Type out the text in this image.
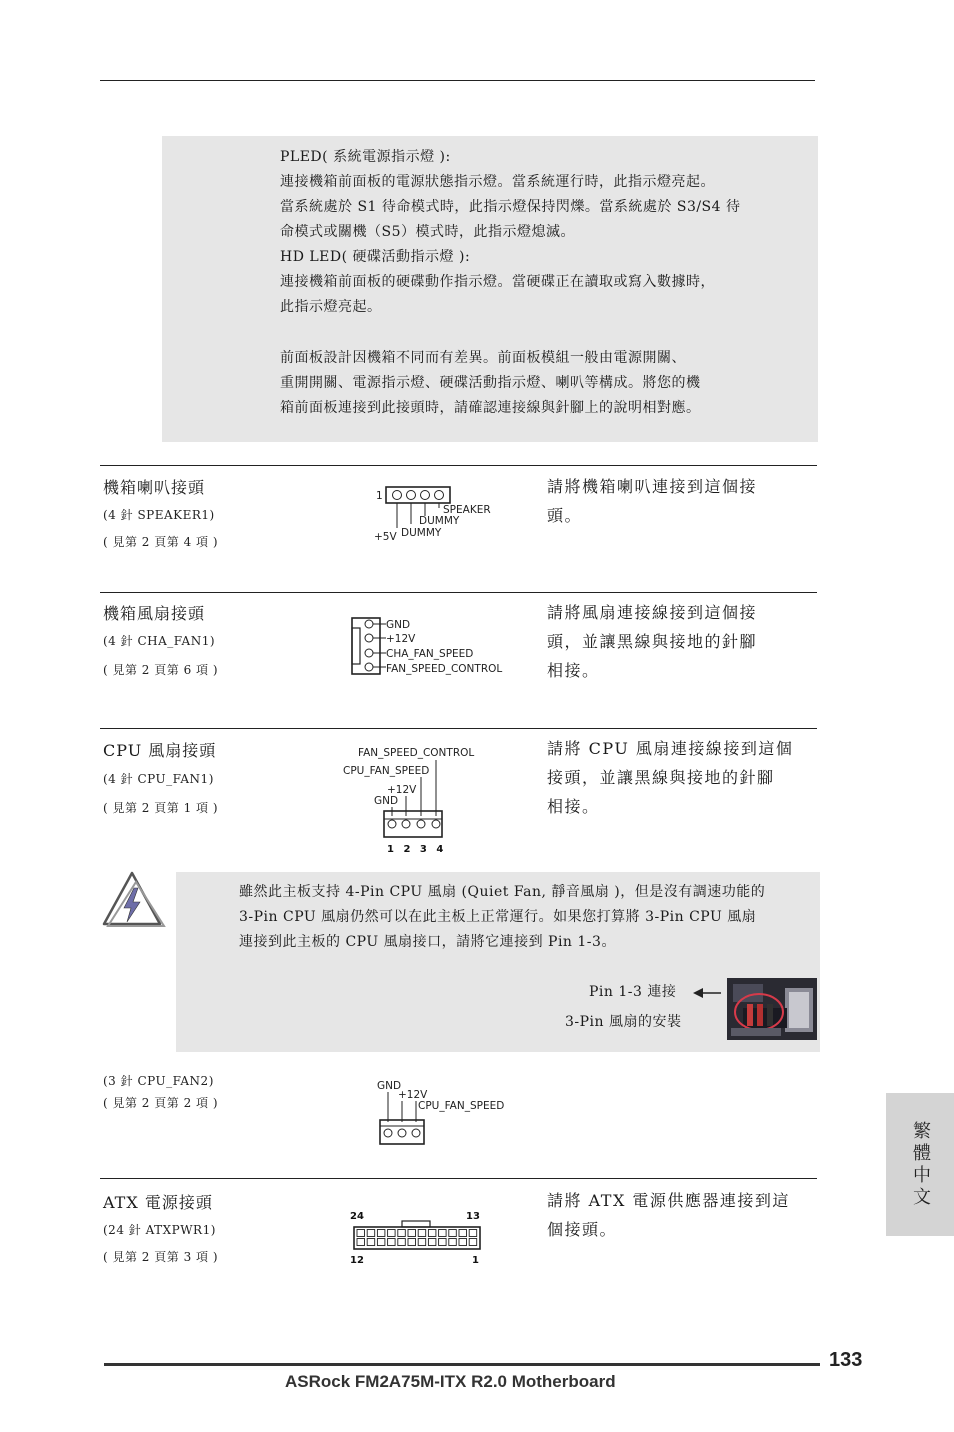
PLED( 系統電源指示燈 ):

連接機箱前面板的電源狀態指示燈。當系統運行時，此指示燈亮起。

當系統處於 S1 待命模式時，此指示燈保持閃爍。當系統處於 S3/S4 待

命模式或關機（S5）模式時，此指示燈熄滅。

HD LED( 硬碟活動指示燈 ):

連接機箱前面板的硬碟動作指示燈。當硬碟正在讀取或寫入數據時，

此指示燈亮起。

前面板設計因機箱不同而有差異。前面板模組一般由電源開關、

重開開關、電源指示燈、硬碟活動指示燈、喇叭等構成。將您的機

箱前面板連接到此接頭時，請確認連接線與針腳上的說明相對應。

機箱喇叭接頭
(4 針 SPEAKER1)
( 見第 2 頁第 4 項 )
請將機箱喇叭連接到這個接
頭。
1
SPEAKER
DUMMY
+5V DUMMY
機箱風扇接頭
(4 針 CHA_FAN1)
( 見第 2 頁第 6 項 )
請將風扇連接線接到這個接
頭，並讓黑線與接地的針腳
相接。
GND
+12V
CHA_FAN_SPEED
FAN_SPEED_CONTROL
CPU 風扇接頭
(4 針 CPU_FAN1)
( 見第 2 頁第 1 項 )
請將 CPU 風扇連接線接到這個
接頭，並讓黑線與接地的針腳
相接。
FAN_SPEED_CONTROL
CPU_FAN_SPEED
+12V
GND
1 2 3 4

雖然此主板支持 4-Pin CPU 風扇 (Quiet Fan, 靜音風扇 )，但是沒有調速功能的

3-Pin CPU 風扇仍然可以在此主板上正常運行。如果您打算將 3-Pin CPU 風扇

連接到此主板的 CPU 風扇接口，請將它連接到 Pin 1-3。

Pin 1-3 連接
3-Pin 風扇的安裝
(3 針 CPU_FAN2)
( 見第 2 頁第 2 項 )
GND
+12V
CPU_FAN_SPEED
ATX 電源接頭
(24 針 ATXPWR1)
( 見第 2 頁第 3 項 )
請將 ATX 電源供應器連接到這
個接頭。
24	13
12	1
繁體中文
133
ASRock FM2A75M-ITX R2.0 Motherboard
